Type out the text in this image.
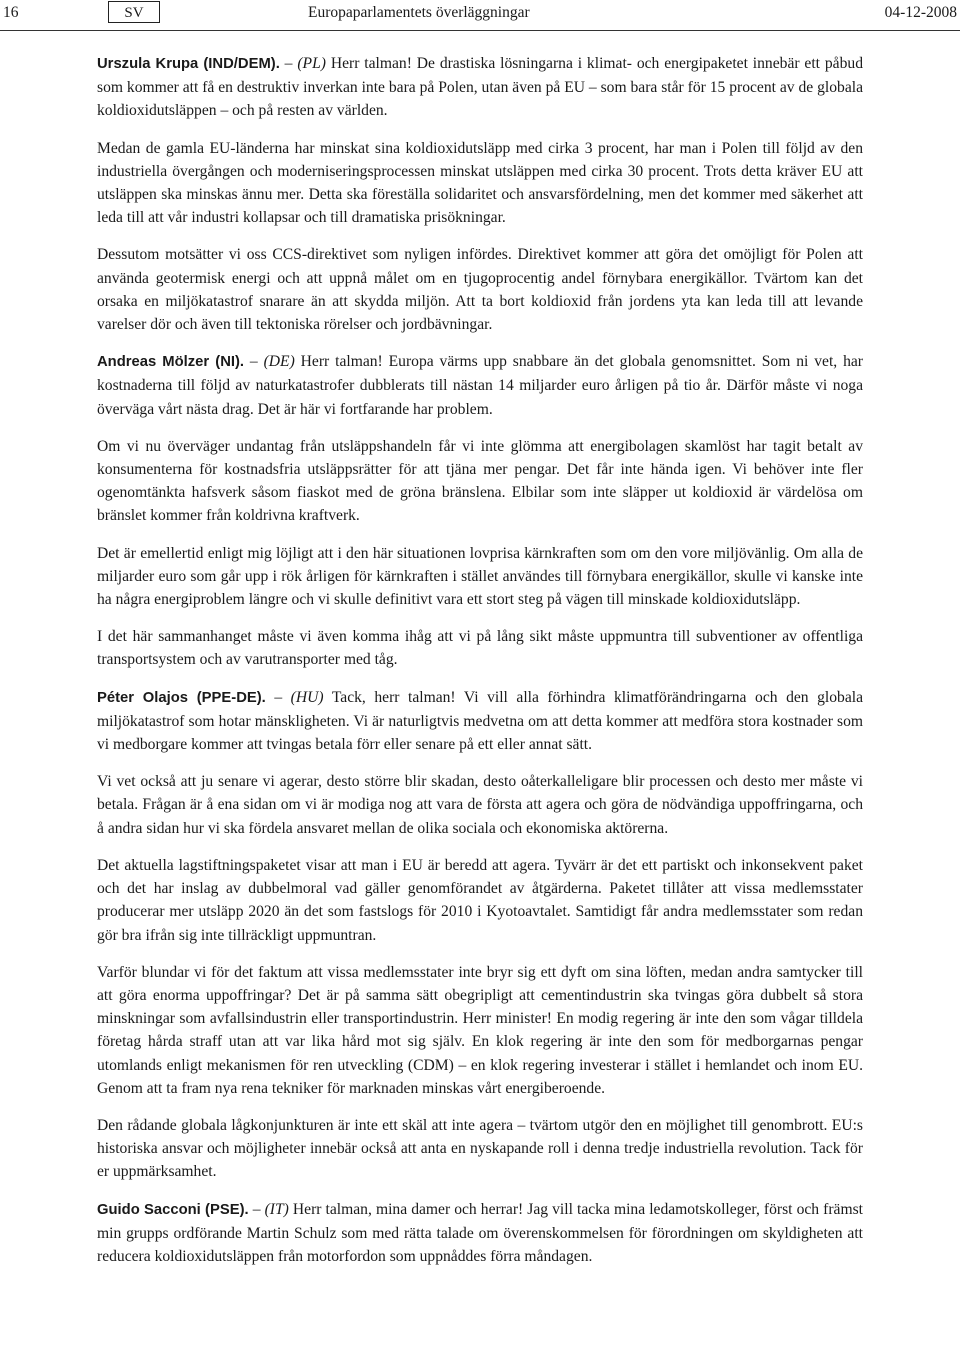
16	SV	Europaparlamentets överläggningar	04-12-2008

Urszula Krupa (IND/DEM). – (PL) Herr talman! De drastiska lösningarna i klimat- och energipaketet innebär ett påbud som kommer att få en destruktiv inverkan inte bara på Polen, utan även på EU – som bara står för 15 procent av de globala koldioxidutsläppen – och på resten av världen.

Medan de gamla EU-länderna har minskat sina koldioxidutsläpp med cirka 3 procent, har man i Polen till följd av den industriella övergången och moderniseringsprocessen minskat utsläppen med cirka 30 procent. Trots detta kräver EU att utsläppen ska minskas ännu mer. Detta ska föreställa solidaritet och ansvarsfördelning, men det kommer med säkerhet att leda till att vår industri kollapsar och till dramatiska prisökningar.

Dessutom motsätter vi oss CCS-direktivet som nyligen infördes. Direktivet kommer att göra det omöjligt för Polen att använda geotermisk energi och att uppnå målet om en tjugoprocentig andel förnybara energikällor. Tvärtom kan det orsaka en miljökatastrof snarare än att skydda miljön. Att ta bort koldioxid från jordens yta kan leda till att levande varelser dör och även till tektoniska rörelser och jordbävningar.

Andreas Mölzer (NI). – (DE) Herr talman! Europa värms upp snabbare än det globala genomsnittet. Som ni vet, har kostnaderna till följd av naturkatastrofer dubblerats till nästan 14 miljarder euro årligen på tio år. Därför måste vi noga överväga vårt nästa drag. Det är här vi fortfarande har problem.

Om vi nu överväger undantag från utsläppshandeln får vi inte glömma att energibolagen skamlöst har tagit betalt av konsumenterna för kostnadsfria utsläppsrätter för att tjäna mer pengar. Det får inte hända igen. Vi behöver inte fler ogenomtänkta hafsverk såsom fiaskot med de gröna bränslena. Elbilar som inte släpper ut koldioxid är värdelösa om bränslet kommer från koldrivna kraftverk.

Det är emellertid enligt mig löjligt att i den här situationen lovprisa kärnkraften som om den vore miljövänlig. Om alla de miljarder euro som går upp i rök årligen för kärnkraften i stället användes till förnybara energikällor, skulle vi kanske inte ha några energiproblem längre och vi skulle definitivt vara ett stort steg på vägen till minskade koldioxidutsläpp.

I det här sammanhanget måste vi även komma ihåg att vi på lång sikt måste uppmuntra till subventioner av offentliga transportsystem och av varutransporter med tåg.

Péter Olajos (PPE-DE). – (HU) Tack, herr talman! Vi vill alla förhindra klimatförändringarna och den globala miljökatastrof som hotar mänskligheten. Vi är naturligtvis medvetna om att detta kommer att medföra stora kostnader som vi medborgare kommer att tvingas betala förr eller senare på ett eller annat sätt.

Vi vet också att ju senare vi agerar, desto större blir skadan, desto oåterkalleligare blir processen och desto mer måste vi betala. Frågan är å ena sidan om vi är modiga nog att vara de första att agera och göra de nödvändiga uppoffringarna, och å andra sidan hur vi ska fördela ansvaret mellan de olika sociala och ekonomiska aktörerna.

Det aktuella lagstiftningspaketet visar att man i EU är beredd att agera. Tyvärr är det ett partiskt och inkonsekvent paket och det har inslag av dubbelmoral vad gäller genomförandet av åtgärderna. Paketet tillåter att vissa medlemsstater producerar mer utsläpp 2020 än det som fastslogs för 2010 i Kyotoavtalet. Samtidigt får andra medlemsstater som redan gör bra ifrån sig inte tillräckligt uppmuntran.

Varför blundar vi för det faktum att vissa medlemsstater inte bryr sig ett dyft om sina löften, medan andra samtycker till att göra enorma uppoffringar? Det är på samma sätt obegripligt att cementindustrin ska tvingas göra dubbelt så stora minskningar som avfallsindustrin eller transportindustrin. Herr minister! En modig regering är inte den som vågar tilldela företag hårda straff utan att var lika hård mot sig själv. En klok regering är inte den som för medborgarnas pengar utomlands enligt mekanismen för ren utveckling (CDM) – en klok regering investerar i stället i hemlandet och inom EU. Genom att ta fram nya rena tekniker för marknaden minskas vårt energiberoende.

Den rådande globala lågkonjunkturen är inte ett skäl att inte agera – tvärtom utgör den en möjlighet till genombrott. EU:s historiska ansvar och möjligheter innebär också att anta en nyskapande roll i denna tredje industriella revolution. Tack för er uppmärksamhet.

Guido Sacconi (PSE). – (IT) Herr talman, mina damer och herrar! Jag vill tacka mina ledamotskolleger, först och främst min grupps ordförande Martin Schulz som med rätta talade om överenskommelsen för förordningen om skyldigheten att reducera koldioxidutsläppen från motorfordon som uppnåddes förra måndagen.
